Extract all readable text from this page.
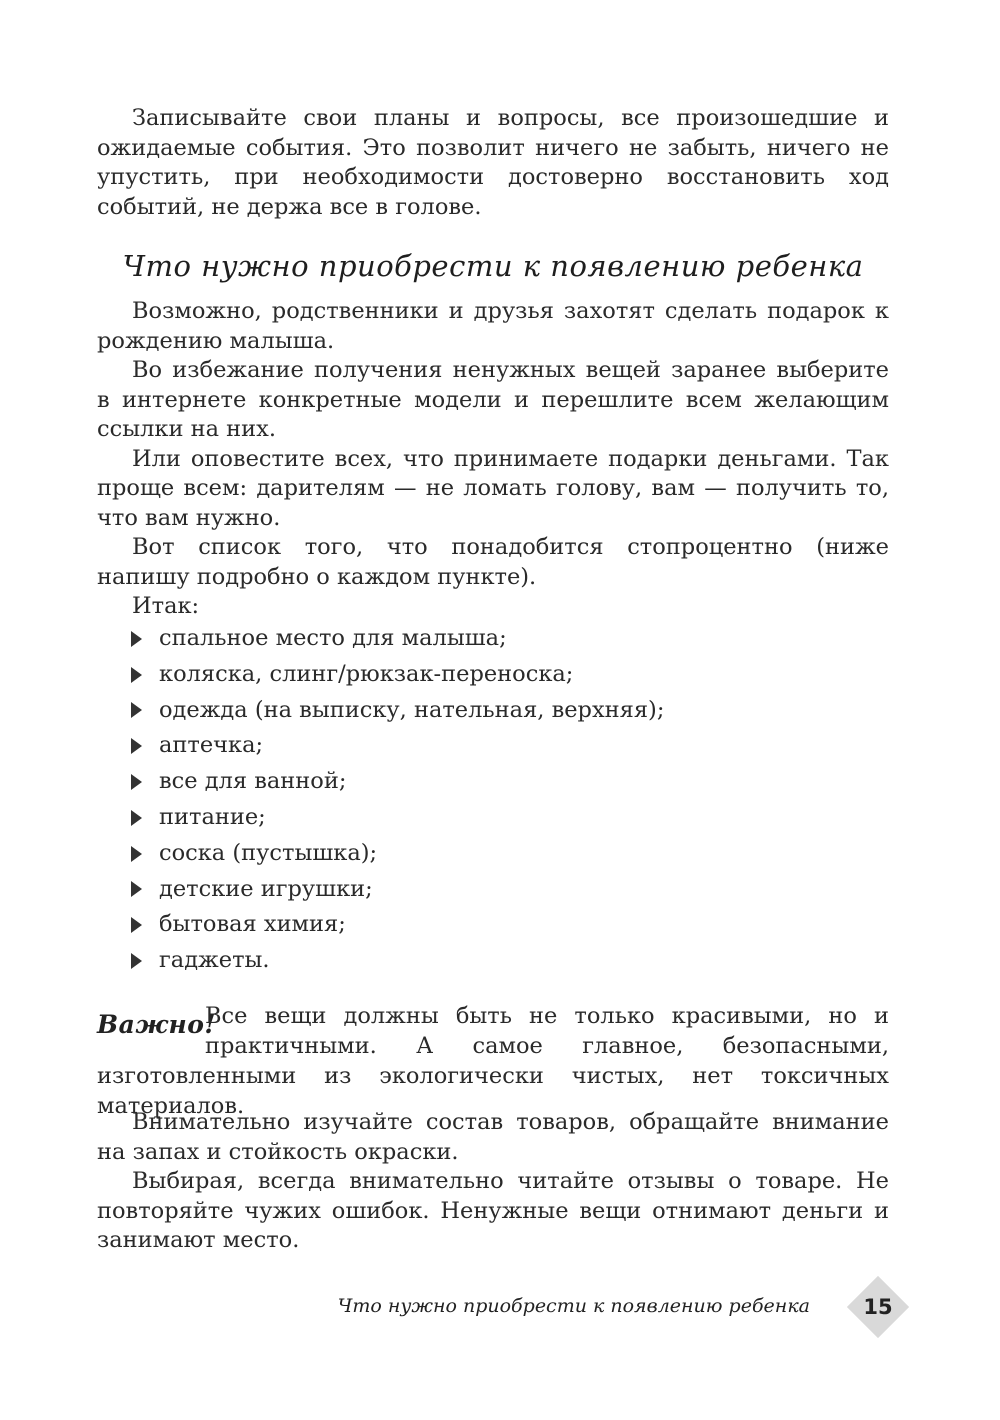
Записывайте свои планы и вопросы, все произошедшие и ожидаемые события. Это позволит ничего не забыть, ничего не упустить, при необходимости достоверно восстановить ход событий, не держа все в голове.

Что нужно приобрести к появлению ребенка

Возможно, родственники и друзья захотят сделать подарок к рождению малыша.

Во избежание получения ненужных вещей заранее выберите в интернете конкретные модели и перешлите всем желающим ссылки на них.

Или оповестите всех, что принимаете подарки деньгами. Так проще всем: дарителям — не ломать голову, вам — получить то, что вам нужно.

Вот список того, что понадобится стопроцентно (ниже напишу подробно о каждом пункте).

Итак:

спальное место для малыша;
коляска, слинг/рюкзак-переноска;
одежда (на выписку, нательная, верхняя);
аптечка;
все для ванной;
питание;
соска (пустышка);
детские игрушки;
бытовая химия;
гаджеты.
Важно!
Все вещи должны быть не только красивыми, но и практичными. А самое главное, безопасными, изготовленными из экологически чистых, нет токсичных материалов.

Внимательно изучайте состав товаров, обращайте внимание на запах и стойкость окраски.

Выбирая, всегда внимательно читайте отзывы о товаре. Не повторяйте чужих ошибок. Ненужные вещи отнимают деньги и занимают место.

Что нужно приобрести к появлению ребенка	15
